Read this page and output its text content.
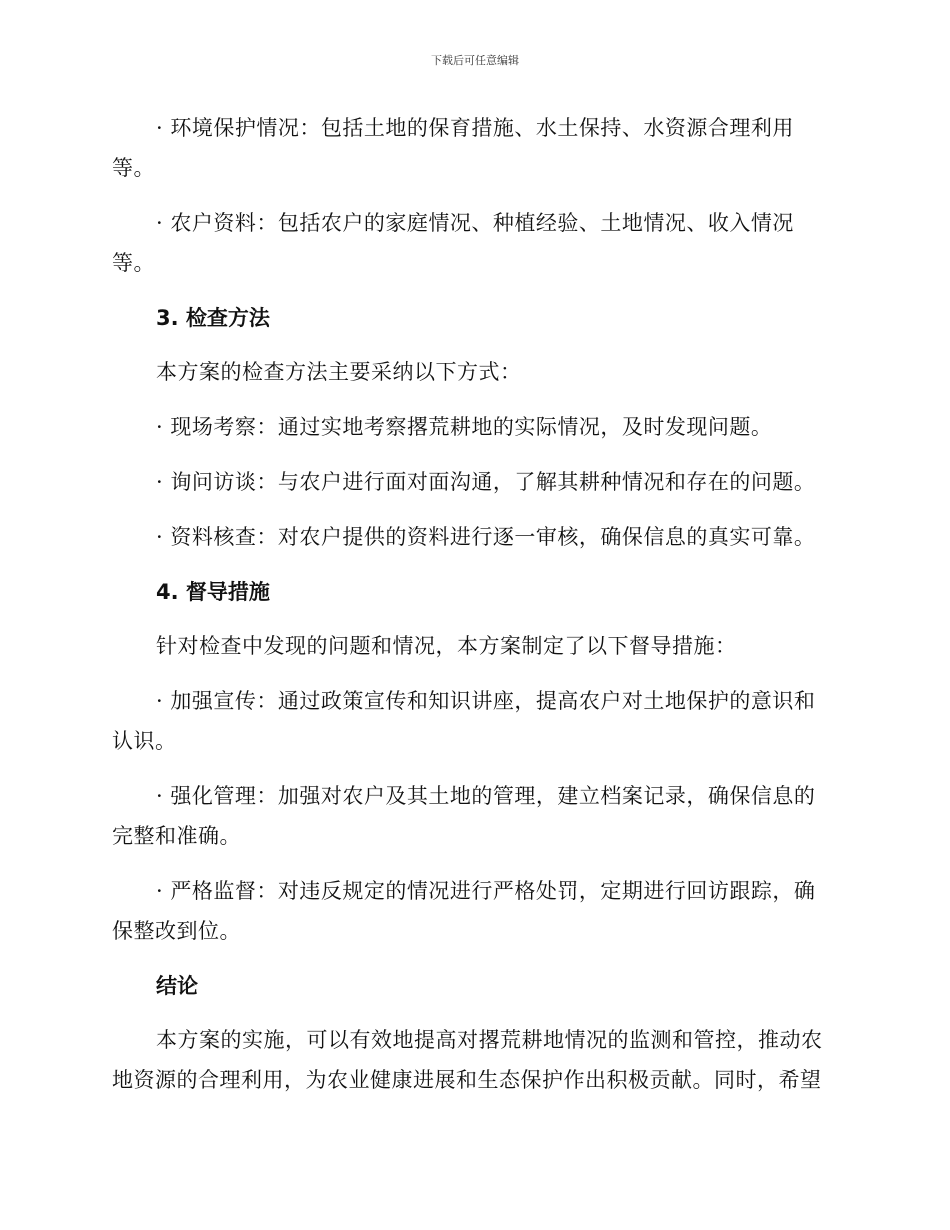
下载后可任意编辑

· 环境保护情况：包括土地的保育措施、水土保持、水资源合理利用等。

· 农户资料：包括农户的家庭情况、种植经验、土地情况、收入情况等。

3. 检查方法

本方案的检查方法主要采纳以下方式：

· 现场考察：通过实地考察撂荒耕地的实际情况，及时发现问题。

· 询问访谈：与农户进行面对面沟通，了解其耕种情况和存在的问题。

· 资料核查：对农户提供的资料进行逐一审核，确保信息的真实可靠。

4. 督导措施

针对检查中发现的问题和情况，本方案制定了以下督导措施：

· 加强宣传：通过政策宣传和知识讲座，提高农户对土地保护的意识和认识。

· 强化管理：加强对农户及其土地的管理，建立档案记录，确保信息的完整和准确。

· 严格监督：对违反规定的情况进行严格处罚，定期进行回访跟踪，确保整改到位。

结论

本方案的实施，可以有效地提高对撂荒耕地情况的监测和管控，推动农地资源的合理利用，为农业健康进展和生态保护作出积极贡献。同时，希望
